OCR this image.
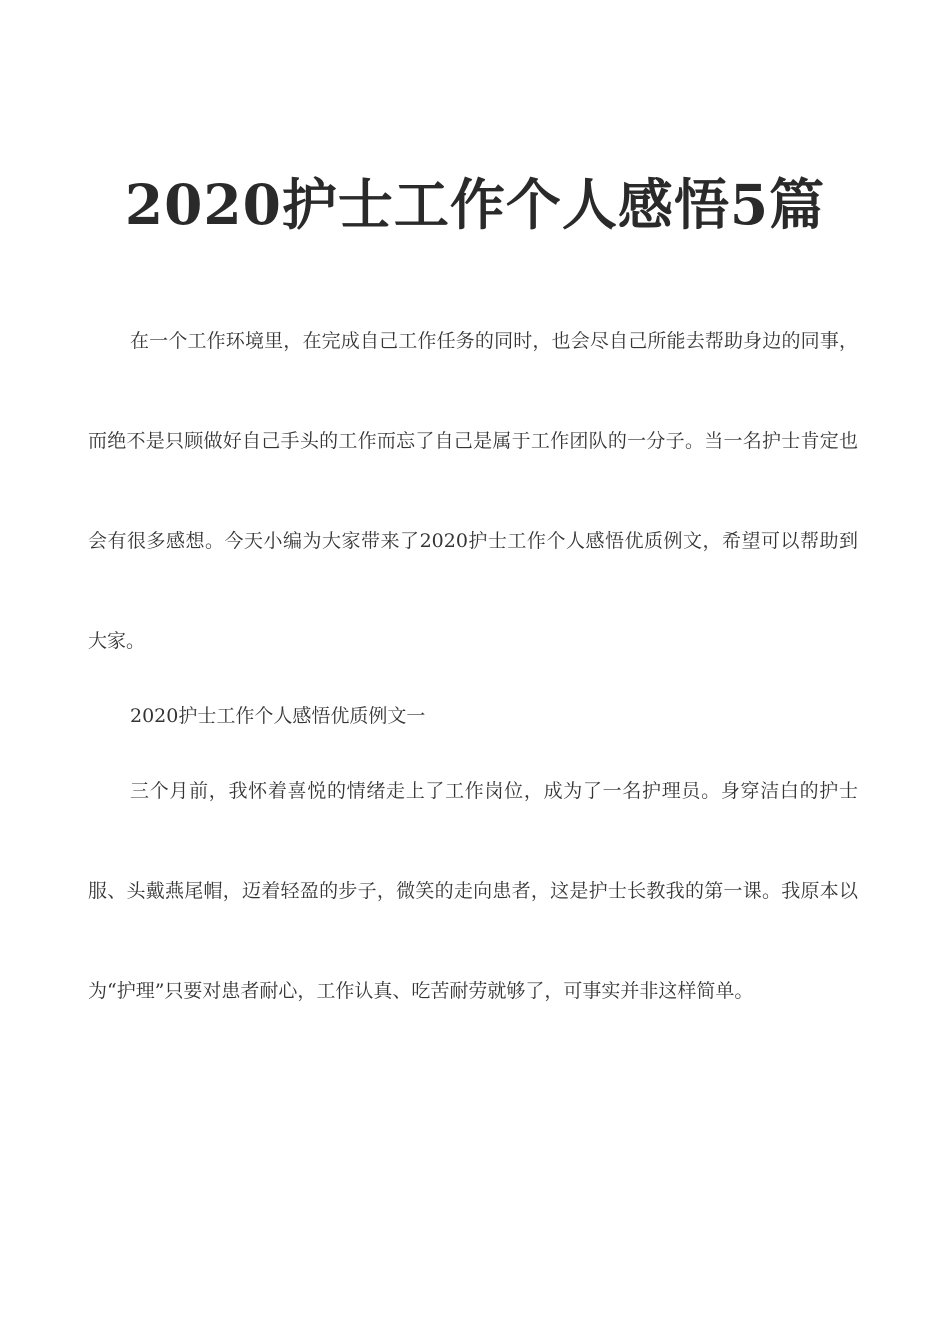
2020护士工作个人感悟5篇

在一个工作环境里，在完成自己工作任务的同时，也会尽自己所能去帮助身边的同事，而绝不是只顾做好自己手头的工作而忘了自己是属于工作团队的一分子。当一名护士肯定也会有很多感想。今天小编为大家带来了2020护士工作个人感悟优质例文，希望可以帮助到大家。

2020护士工作个人感悟优质例文一

三个月前，我怀着喜悦的情绪走上了工作岗位，成为了一名护理员。身穿洁白的护士服、头戴燕尾帽，迈着轻盈的步子，微笑的走向患者，这是护士长教我的第一课。我原本以为“护理”只要对患者耐心，工作认真、吃苦耐劳就够了，可事实并非这样简单。
